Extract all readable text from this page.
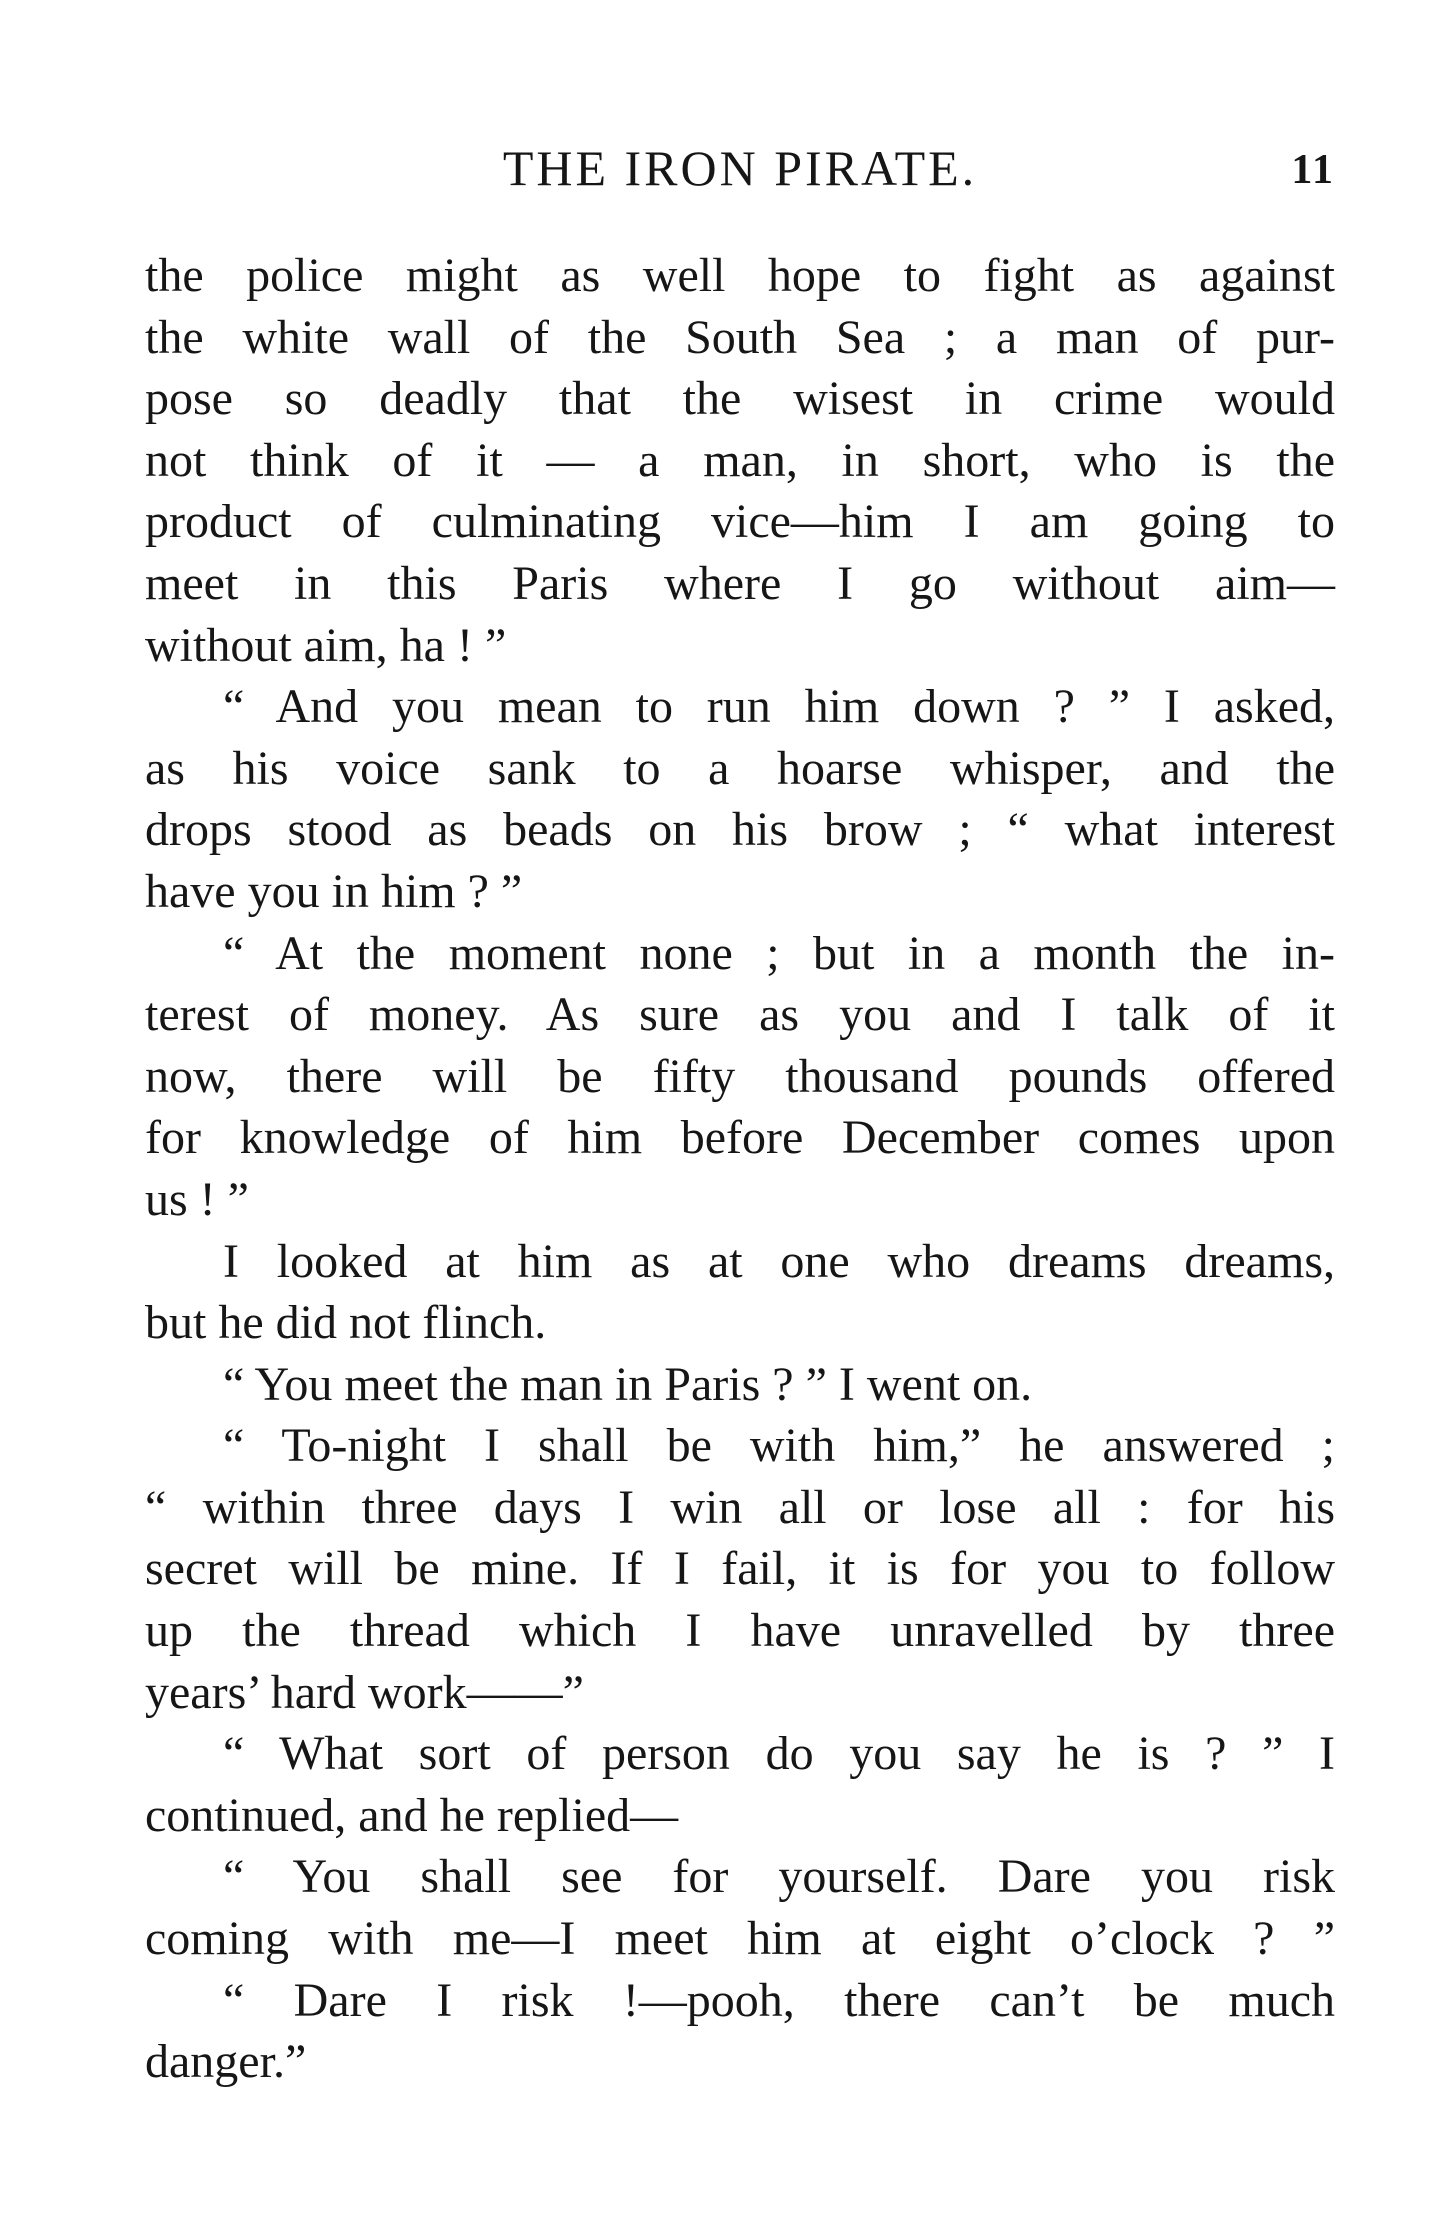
THE IRON PIRATE.	11
the police might as well hope to fight as against
the white wall of the South Sea ; a man of pur-
pose so deadly that the wisest in crime would
not think of it — a man, in short, who is the
product of culminating vice—him I am going to
meet in this Paris where I go without aim—
without aim, ha ! ”
“ And you mean to run him down ? ” I asked,
as his voice sank to a hoarse whisper, and the
drops stood as beads on his brow ; “ what interest
have you in him ? ”
“ At the moment none ; but in a month the in-
terest of money. As sure as you and I talk of it
now, there will be fifty thousand pounds offered
for knowledge of him before December comes upon
us ! ”
I looked at him as at one who dreams dreams,
but he did not flinch.
“ You meet the man in Paris ? ” I went on.
“ To-night I shall be with him,” he answered ;
“ within three days I win all or lose all : for his
secret will be mine. If I fail, it is for you to follow
up the thread which I have unravelled by three
years’ hard work——”
“ What sort of person do you say he is ? ” I
continued, and he replied—
“ You shall see for yourself. Dare you risk
coming with me—I meet him at eight o’clock ? ”
“ Dare I risk !—pooh, there can’t be much
danger.”
